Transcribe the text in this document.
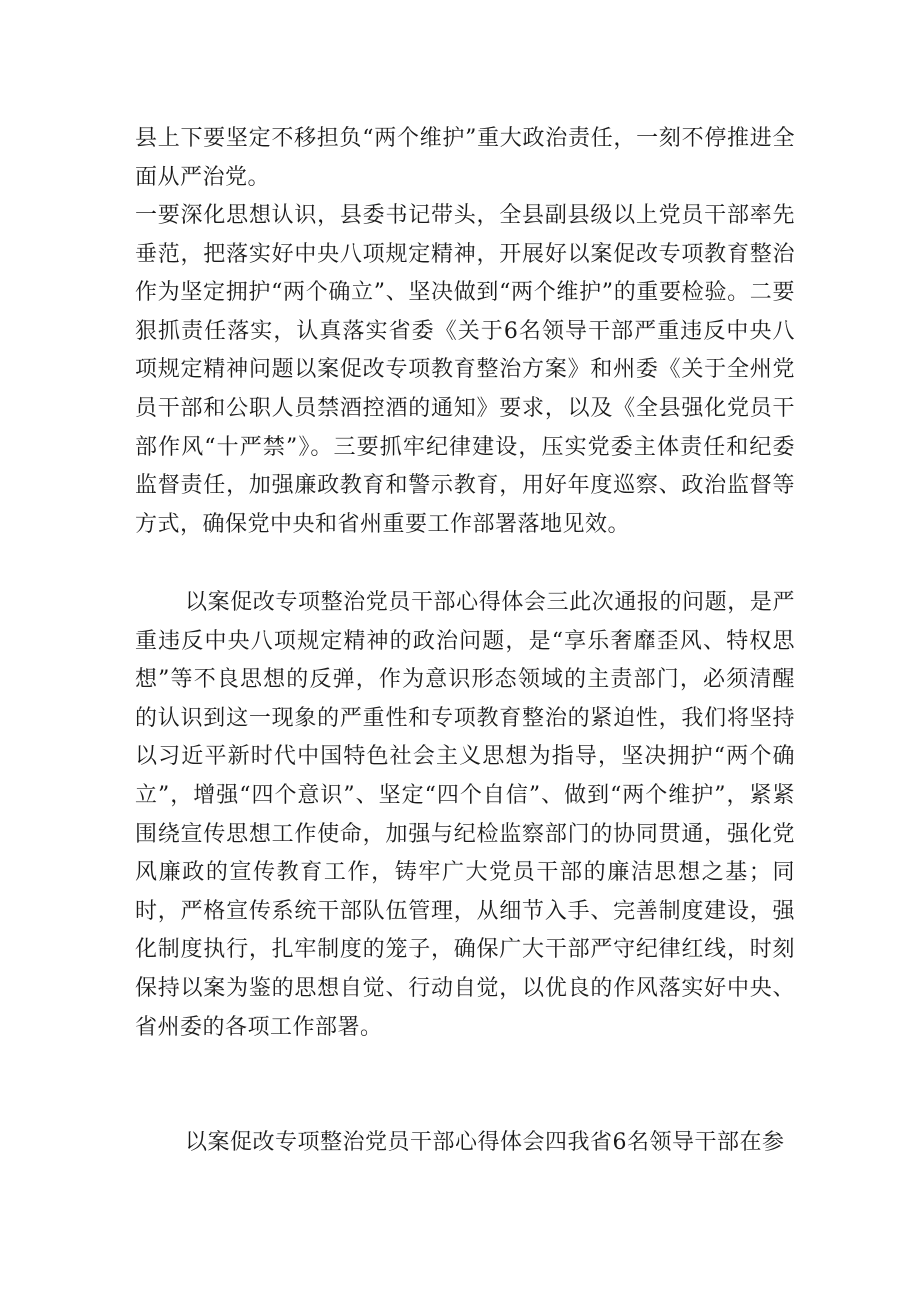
县上下要坚定不移担负“两个维护”重大政治责任，一刻不停推进全面从严治党。

一要深化思想认识，县委书记带头，全县副县级以上党员干部率先垂范，把落实好中央八项规定精神，开展好以案促改专项教育整治作为坚定拥护“两个确立”、坚决做到“两个维护”的重要检验。二要狠抓责任落实，认真落实省委《关于6名领导干部严重违反中央八项规定精神问题以案促改专项教育整治方案》和州委《关于全州党员干部和公职人员禁酒控酒的通知》要求，以及《全县强化党员干部作风“十严禁”》。三要抓牢纪律建设，压实党委主体责任和纪委监督责任，加强廉政教育和警示教育，用好年度巡察、政治监督等方式，确保党中央和省州重要工作部署落地见效。

以案促改专项整治党员干部心得体会三此次通报的问题，是严重违反中央八项规定精神的政治问题，是“享乐奢靡歪风、特权思想”等不良思想的反弹，作为意识形态领域的主责部门，必须清醒的认识到这一现象的严重性和专项教育整治的紧迫性，我们将坚持以习近平新时代中国特色社会主义思想为指导，坚决拥护“两个确立”，增强“四个意识”、坚定“四个自信”、做到“两个维护”，紧紧围绕宣传思想工作使命，加强与纪检监察部门的协同贯通，强化党风廉政的宣传教育工作，铸牢广大党员干部的廉洁思想之基；同时，严格宣传系统干部队伍管理，从细节入手、完善制度建设，强化制度执行，扎牢制度的笼子，确保广大干部严守纪律红线，时刻保持以案为鉴的思想自觉、行动自觉，以优良的作风落实好中央、省州委的各项工作部署。

以案促改专项整治党员干部心得体会四我省6名领导干部在参
